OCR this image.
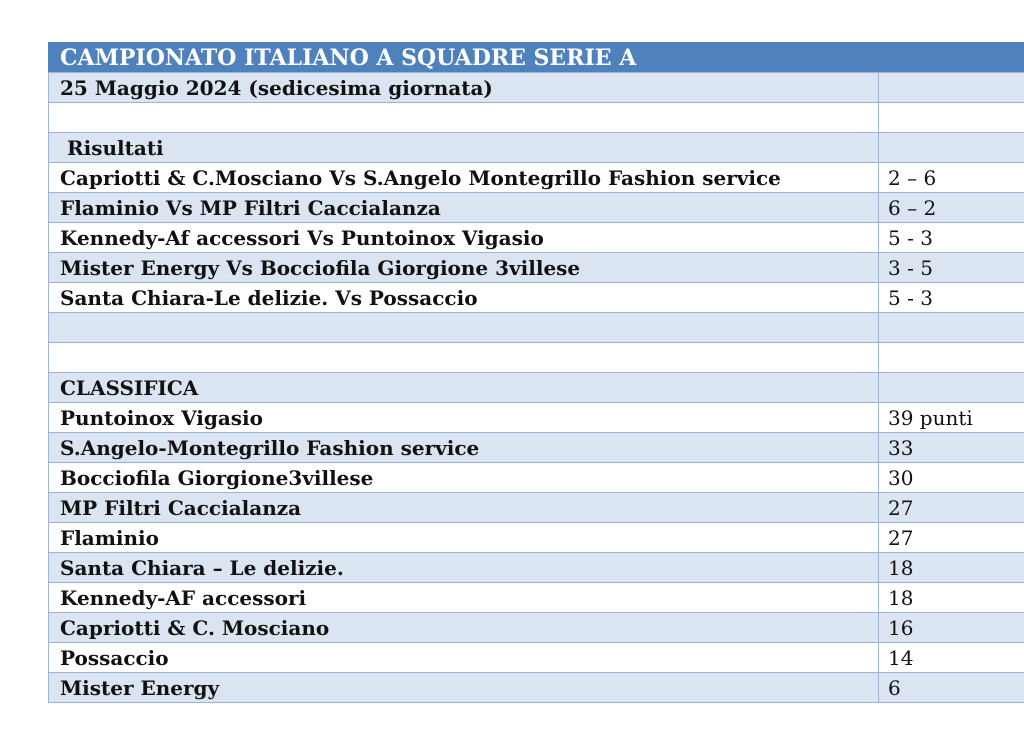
CAMPIONATO ITALIANO A SQUADRE SERIE A	
25 Maggio 2024 (sedicesima giornata)	

Risultati	
Capriotti & C.Mosciano Vs S.Angelo Montegrillo Fashion service	2 – 6
Flaminio Vs MP Filtri Caccialanza	6 – 2
Kennedy-Af accessori Vs Puntoinox Vigasio	5 - 3
Mister Energy Vs Bocciofila Giorgione 3villese	3 - 5
Santa Chiara-Le delizie. Vs Possaccio	5 - 3

CLASSIFICA	
Puntoinox Vigasio	39 punti
S.Angelo-Montegrillo Fashion service	33
Bocciofila Giorgione3villese	30
MP Filtri Caccialanza	27
Flaminio	27
Santa Chiara – Le delizie.	18
Kennedy-AF accessori	18
Capriotti & C. Mosciano	16
Possaccio	14
Mister Energy	6
